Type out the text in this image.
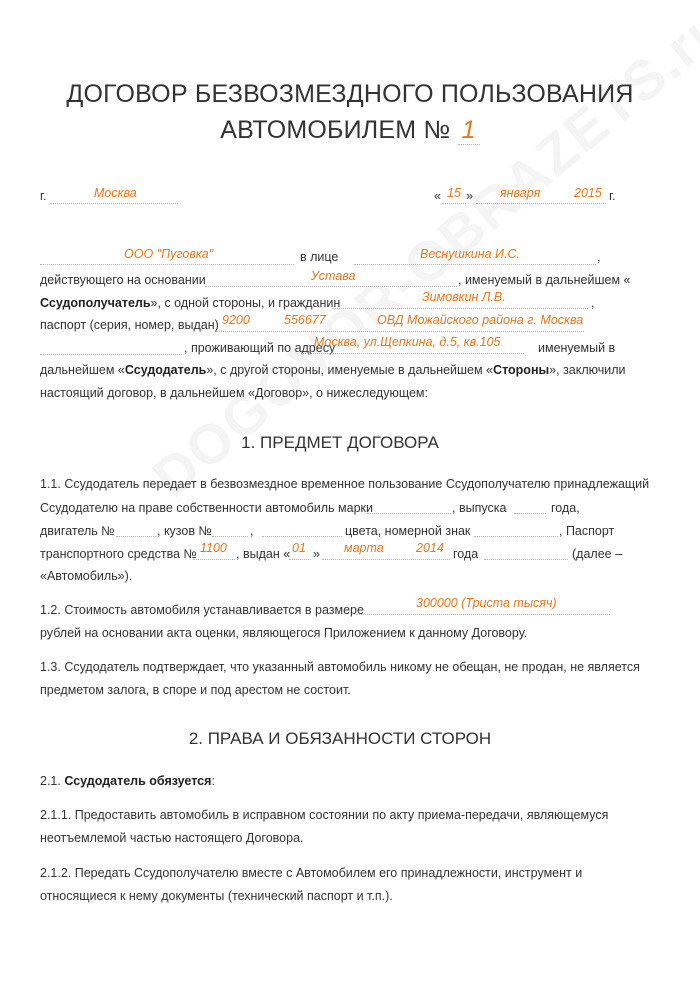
ДОГОВОР БЕЗВОЗМЕЗДНОГО ПОЛЬЗОВАНИЯ
АВТОМОБИЛЕМ № 1
г.	Москва	« 15 » января	2015 г.
ООО "Пуговка"	в лице	Веснушкина И.С.	,
действующего на основании	Устава	, именуемый в дальнейшем «
Ссудополучатель», с одной стороны, и гражданин	Зимовкин Л.В.	,
паспорт (серия, номер, выдан) 9200	556677	ОВД Можайского района г. Москва
, проживающий по адресу
Москва, ул.Щепкина, д.5, кв.105	именуемый в
дальнейшем «Ссудодатель», с другой стороны, именуемые в дальнейшем «Стороны», заключили
настоящий договор, в дальнейшем «Договор», о нижеследующем:
1. ПРЕДМЕТ ДОГОВОРА
1.1. Ссудодатель передает в безвозмездное временное пользование Ссудополучателю принадлежащий
Ссудодателю на праве собственности автомобиль марки	, выпуска	года,
двигатель №	, кузов №	,	цвета, номерной знак	, Паспорт
транспортного средства № 1100 , выдан « 01 » марта	2014 года	(далее –
«Автомобиль»).
1.2. Стоимость автомобиля устанавливается в размере	300000 (Триста тысяч)
рублей на основании акта оценки, являющегося Приложением к данному Договору.
1.3. Ссудодатель подтверждает, что указанный автомобиль никому не обещан, не продан, не является
предметом залога, в споре и под арестом не состоит.
2. ПРАВА И ОБЯЗАННОСТИ СТОРОН
2.1. Ссудодатель обязуется:
2.1.1. Предоставить автомобиль в исправном состоянии по акту приема-передачи, являющемуся
неотъемлемой частью настоящего Договора.
2.1.2. Передать Ссудополучателю вместе с Автомобилем его принадлежности, инструмент и
относящиеся к нему документы (технический паспорт и т.п.).
